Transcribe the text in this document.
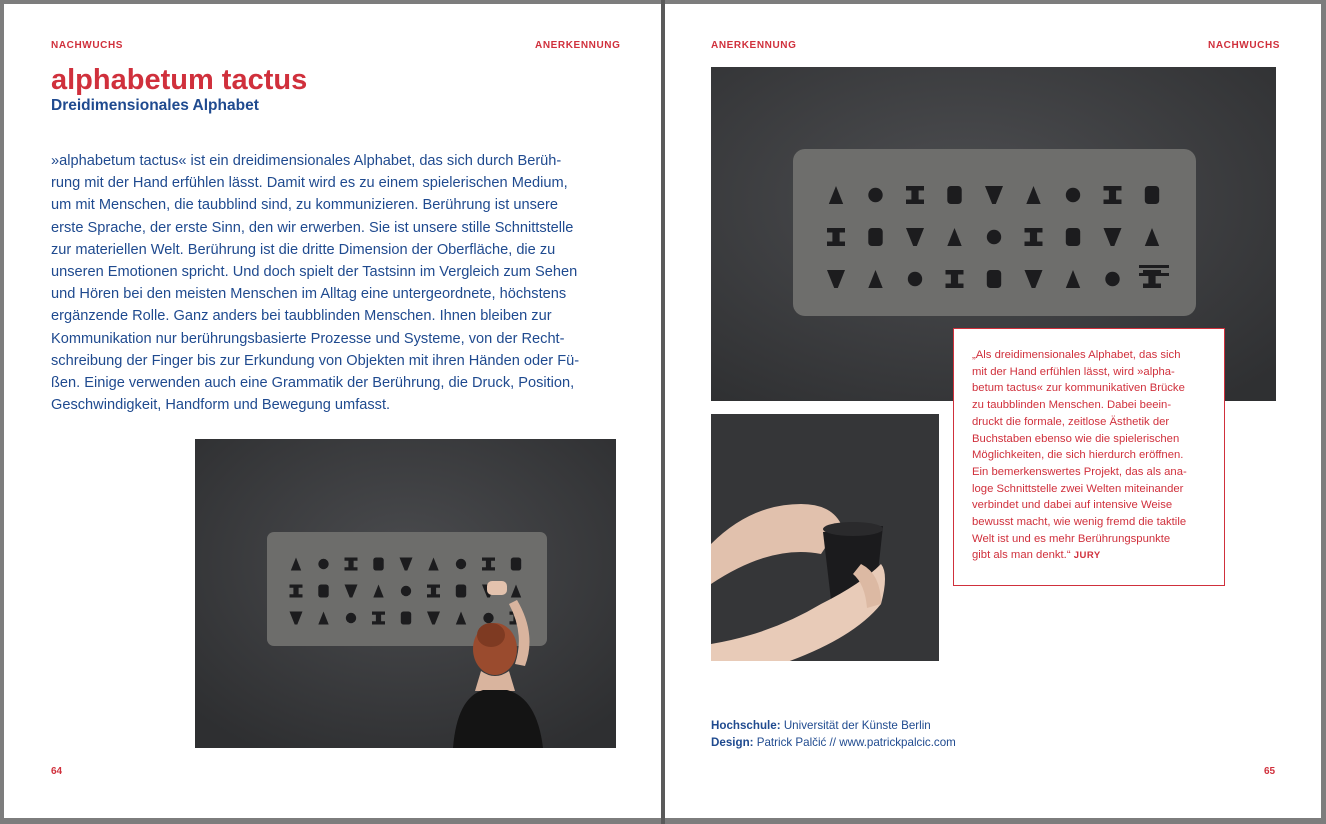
NACHWUCHS	ANERKENNUNG
alphabetum tactus
Dreidimensionales Alphabet
»alphabetum tactus« ist ein dreidimensionales Alphabet, das sich durch Berüh-
rung mit der Hand erfühlen lässt. Damit wird es zu einem spielerischen Medium,
um mit Menschen, die taubblind sind, zu kommunizieren. Berührung ist unsere
erste Sprache, der erste Sinn, den wir erwerben. Sie ist unsere stille Schnittstelle
zur materiellen Welt. Berührung ist die dritte Dimension der Oberfläche, die zu
unseren Emotionen spricht. Und doch spielt der Tastsinn im Vergleich zum Sehen
und Hören bei den meisten Menschen im Alltag eine untergeordnete, höchstens
ergänzende Rolle. Ganz anders bei taubblinden Menschen. Ihnen bleiben zur
Kommunikation nur berührungsbasierte Prozesse und Systeme, von der Recht-
schreibung der Finger bis zur Erkundung von Objekten mit ihren Händen oder Fü-
ßen. Einige verwenden auch eine Grammatik der Berührung, die Druck, Position,
Geschwindigkeit, Handform und Bewegung umfasst.
64
ANERKENNUNG	NACHWUCHS
„Als dreidimensionales Alphabet, das sich
mit der Hand erfühlen lässt, wird »alpha-
betum tactus« zur kommunikativen Brücke
zu taubblinden Menschen. Dabei beein-
druckt die formale, zeitlose Ästhetik der
Buchstaben ebenso wie die spielerischen
Möglichkeiten, die sich hierdurch eröffnen.
Ein bemerkenswertes Projekt, das als ana-
loge Schnittstelle zwei Welten miteinander
verbindet und dabei auf intensive Weise
bewusst macht, wie wenig fremd die taktile
Welt ist und es mehr Berührungspunkte
gibt als man denkt.“ JURY
Hochschule: Universität der Künste Berlin
Design: Patrick Palčić // www.patrickpalcic.com
65
